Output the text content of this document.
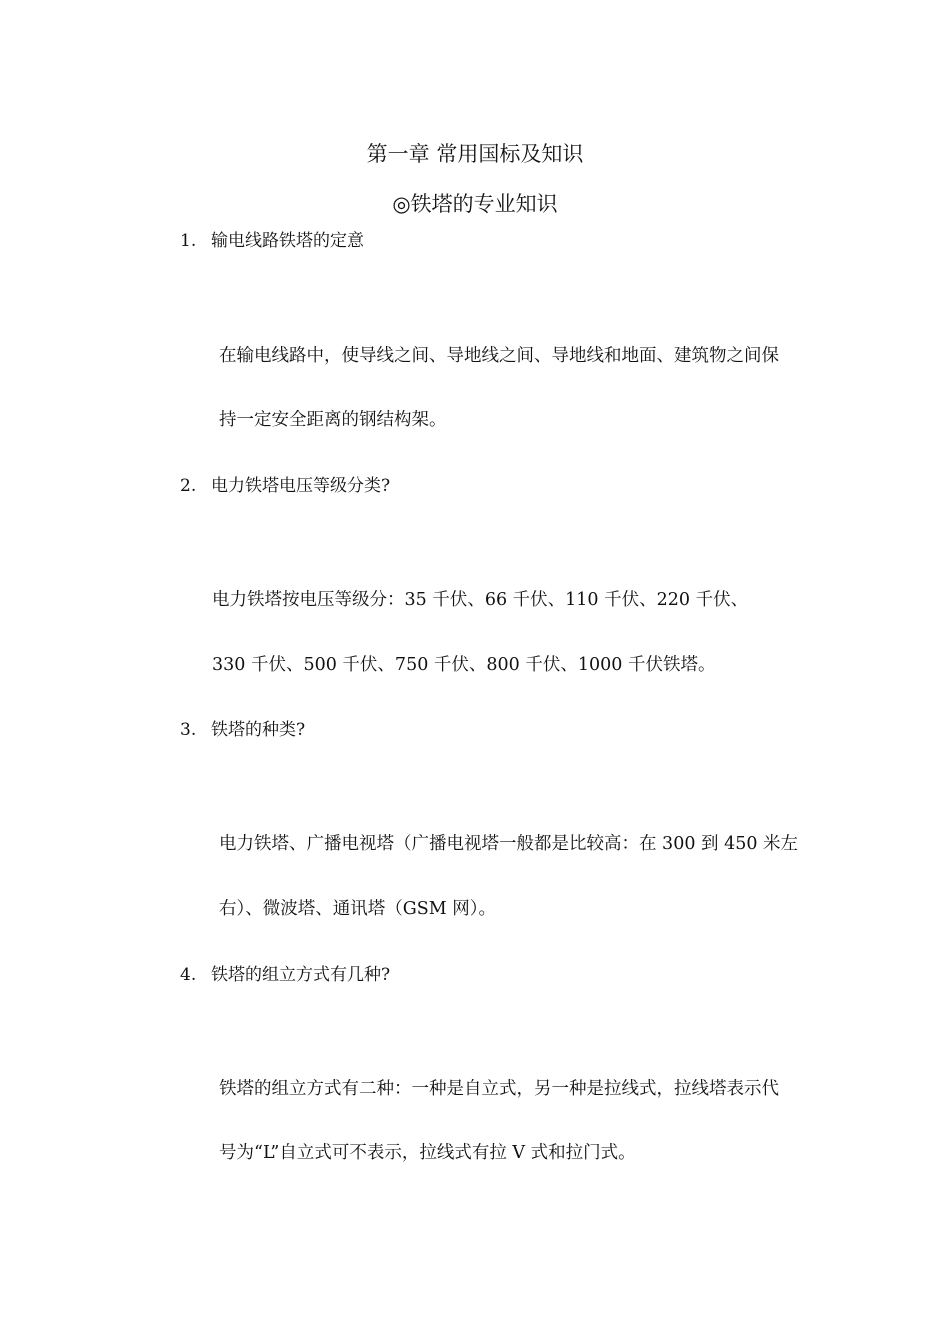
第一章 常用国标及知识
◎铁塔的专业知识
1. 输电线路铁塔的定意
在输电线路中，使导线之间、导地线之间、导地线和地面、建筑物之间保
持一定安全距离的钢结构架。
2. 电力铁塔电压等级分类?
电力铁塔按电压等级分：35 千伏、66 千伏、110 千伏、220 千伏、
330 千伏、500 千伏、750 千伏、800 千伏、1000 千伏铁塔。
3. 铁塔的种类?
电力铁塔、广播电视塔（广播电视塔一般都是比较高：在 300 到 450 米左
右）、微波塔、通讯塔（GSM 网）。
4. 铁塔的组立方式有几种?
铁塔的组立方式有二种：一种是自立式，另一种是拉线式，拉线塔表示代
号为“L”自立式可不表示，拉线式有拉 V 式和拉门式。
